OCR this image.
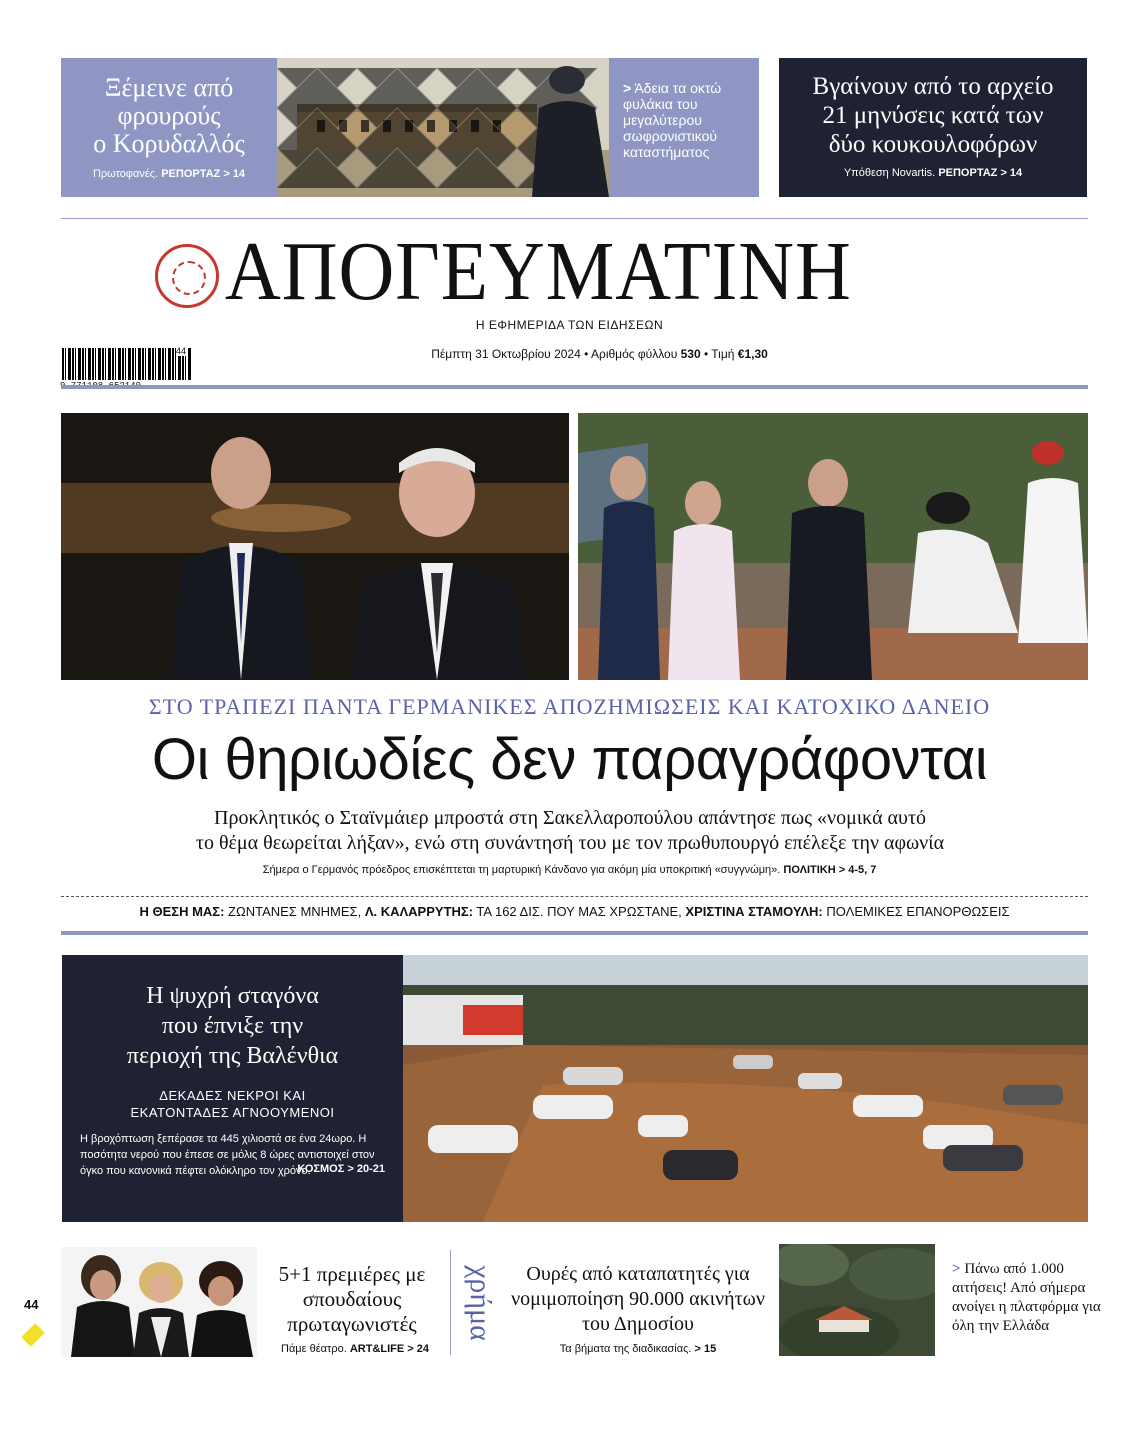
Ξέμεινε από
φρουρούς
ο Κορυδαλλός
Πρωτοφανές. ΡΕΠΟΡΤΑΖ > 14
> Άδεια τα οκτώ φυλάκια του μεγαλύτερου σωφρονιστικού καταστήματος
Βγαίνουν από το αρχείο
21 μηνύσεις κατά των
δύο κουκουλοφόρων
Υπόθεση Novartis. ΡΕΠΟΡΤΑΖ > 14
ΑΠΟΓΕΥΜΑΤΙΝΗ
Η ΕΦΗΜΕΡΙΔΑ ΤΩΝ ΕΙΔΗΣΕΩΝ
44	Πέμπτη 31 Οκτωβρίου 2024 • Αριθμός φύλλου 530 • Τιμή €1,30
ΣΤΟ ΤΡΑΠΕΖΙ ΠΑΝΤΑ ΓΕΡΜΑΝΙΚΕΣ ΑΠΟΖΗΜΙΩΣΕΙΣ ΚΑΙ ΚΑΤΟΧΙΚΟ ΔΑΝΕΙΟ
Οι θηριωδίες δεν παραγράφονται
Προκλητικός ο Σταϊνμάιερ μπροστά στη Σακελλαροπούλου απάντησε πως «νομικά αυτό
το θέμα θεωρείται λήξαν», ενώ στη συνάντησή του με τον πρωθυπουργό επέλεξε την αφωνία
Σήμερα ο Γερμανός πρόεδρος επισκέπτεται τη μαρτυρική Κάνδανο για ακόμη μία υποκριτική «συγγνώμη». ΠΟΛΙΤΙΚΗ > 4-5, 7
Η ΘΕΣΗ ΜΑΣ: ΖΩΝΤΑΝΕΣ ΜΝΗΜΕΣ, Λ. ΚΑΛΑΡΡΥΤΗΣ: ΤΑ 162 ΔΙΣ. ΠΟΥ ΜΑΣ ΧΡΩΣΤΑΝΕ, ΧΡΙΣΤΙΝΑ ΣΤΑΜΟΥΛΗ: ΠΟΛΕΜΙΚΕΣ ΕΠΑΝΟΡΘΩΣΕΙΣ
Η ψυχρή σταγόνα
που έπνιξε την
περιοχή της Βαλένθια
ΔΕΚΑΔΕΣ ΝΕΚΡΟΙ ΚΑΙ
ΕΚΑΤΟΝΤΑΔΕΣ ΑΓΝΟΟΥΜΕΝΟΙ
Η βροχόπτωση ξεπέρασε τα 445 χιλιοστά σε ένα 24ωρο. Η ποσότητα νερού που έπεσε σε μόλις 8 ώρες αντιστοιχεί στον όγκο που κανονικά πέφτει ολόκληρο τον χρόνο.
ΚΟΣΜΟΣ > 20-21
44
5+1 πρεμιέρες με σπουδαίους πρωταγωνιστές
Πάμε θέατρο. ART&LIFE > 24
χρήμα	Ουρές από καταπατητές για νομιμοποίηση 90.000 ακινήτων του Δημοσίου
Τα βήματα της διαδικασίας. > 15
> Πάνω από 1.000 αιτήσεις! Από σήμερα ανοίγει η πλατφόρμα για όλη την Ελλάδα
